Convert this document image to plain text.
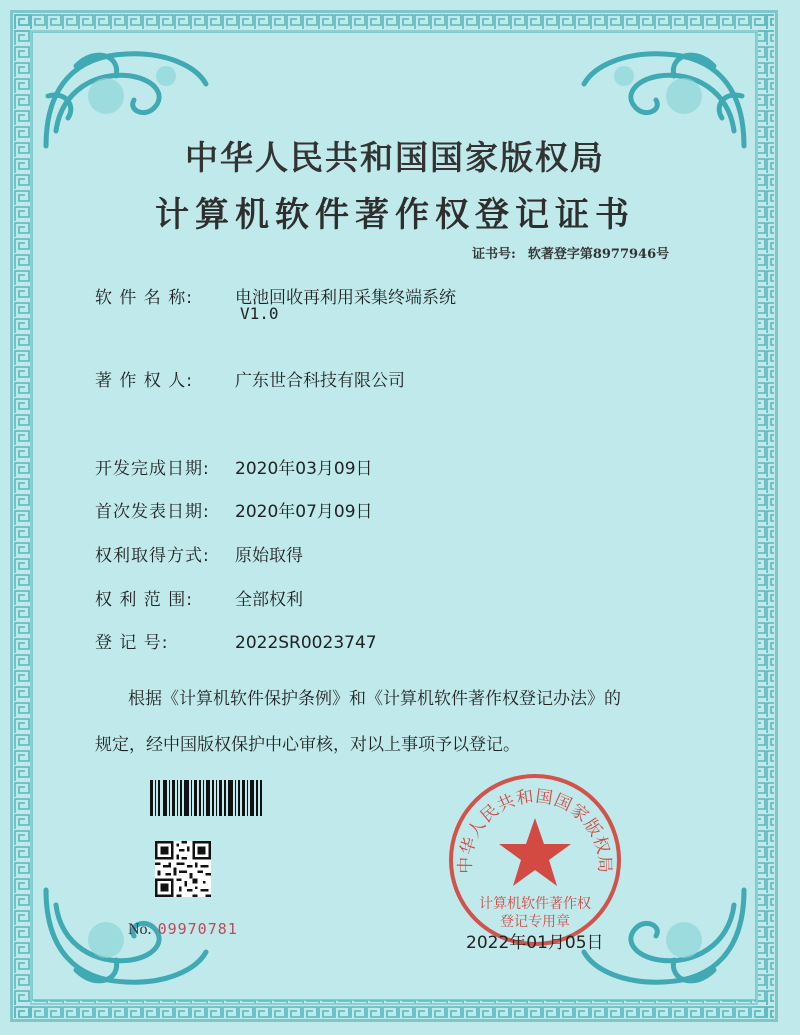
中华人民共和国国家版权局
计算机软件著作权登记证书
证书号: 软著登字第8977946号
软 件 名 称: 电池回收再利用采集终端系统
V1.0
著 作 权 人: 广东世合科技有限公司
开发完成日期: 2020年03月09日
首次发表日期: 2020年07月09日
权利取得方式: 原始取得
权 利 范 围: 全部权利
登 记 号:	2022SR0023747
根据《计算机软件保护条例》和《计算机软件著作权登记办法》的
规定，经中国版权保护中心审核，对以上事项予以登记。
No. 09970781
中华人民共和国国家版权局
计算机软件著作权
登记专用章
2022年01月05日
